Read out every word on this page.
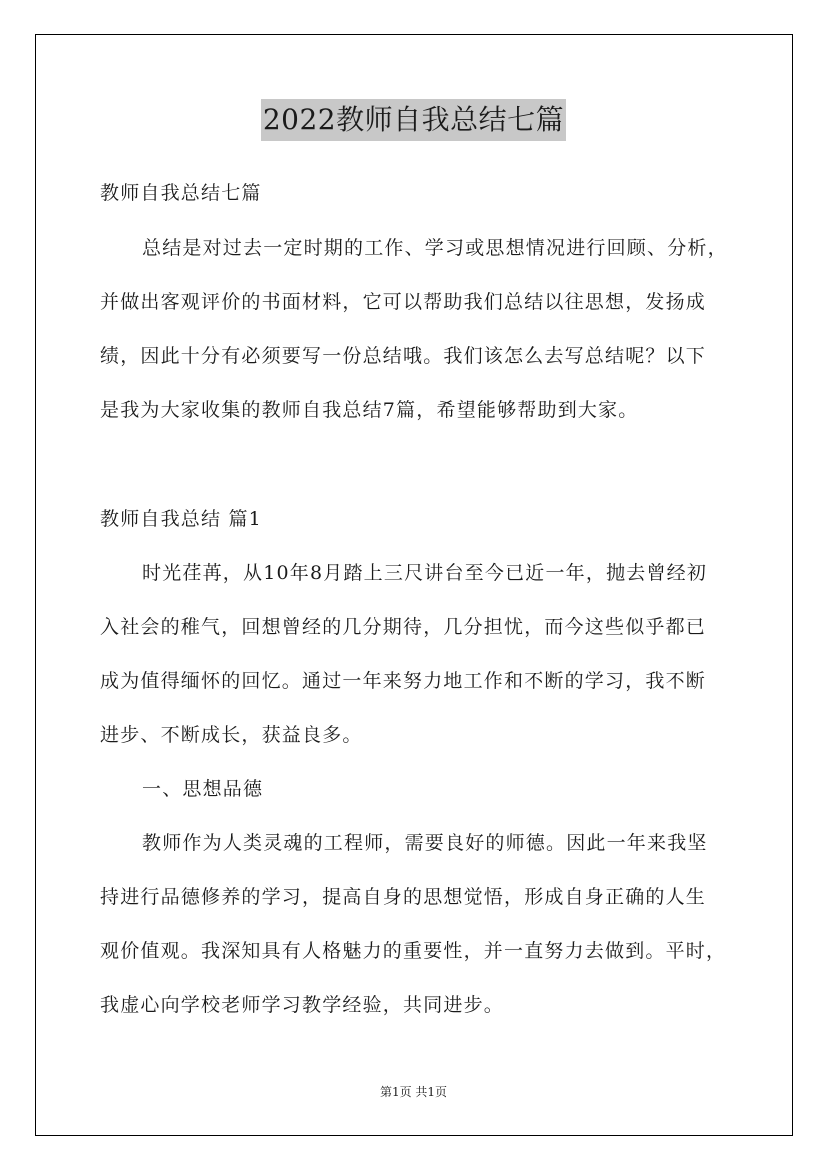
2022教师自我总结七篇
教师自我总结七篇
总结是对过去一定时期的工作、学习或思想情况进行回顾、分析，
并做出客观评价的书面材料，它可以帮助我们总结以往思想，发扬成
绩，因此十分有必须要写一份总结哦。我们该怎么去写总结呢？以下
是我为大家收集的教师自我总结7篇，希望能够帮助到大家。
教师自我总结 篇1
时光荏苒，从10年8月踏上三尺讲台至今已近一年，抛去曾经初
入社会的稚气，回想曾经的几分期待，几分担忧，而今这些似乎都已
成为值得缅怀的回忆。通过一年来努力地工作和不断的学习，我不断
进步、不断成长，获益良多。
一、思想品德
教师作为人类灵魂的工程师，需要良好的师德。因此一年来我坚
持进行品德修养的学习，提高自身的思想觉悟，形成自身正确的人生
观价值观。我深知具有人格魅力的重要性，并一直努力去做到。平时，
我虚心向学校老师学习教学经验，共同进步。
第1页 共1页
